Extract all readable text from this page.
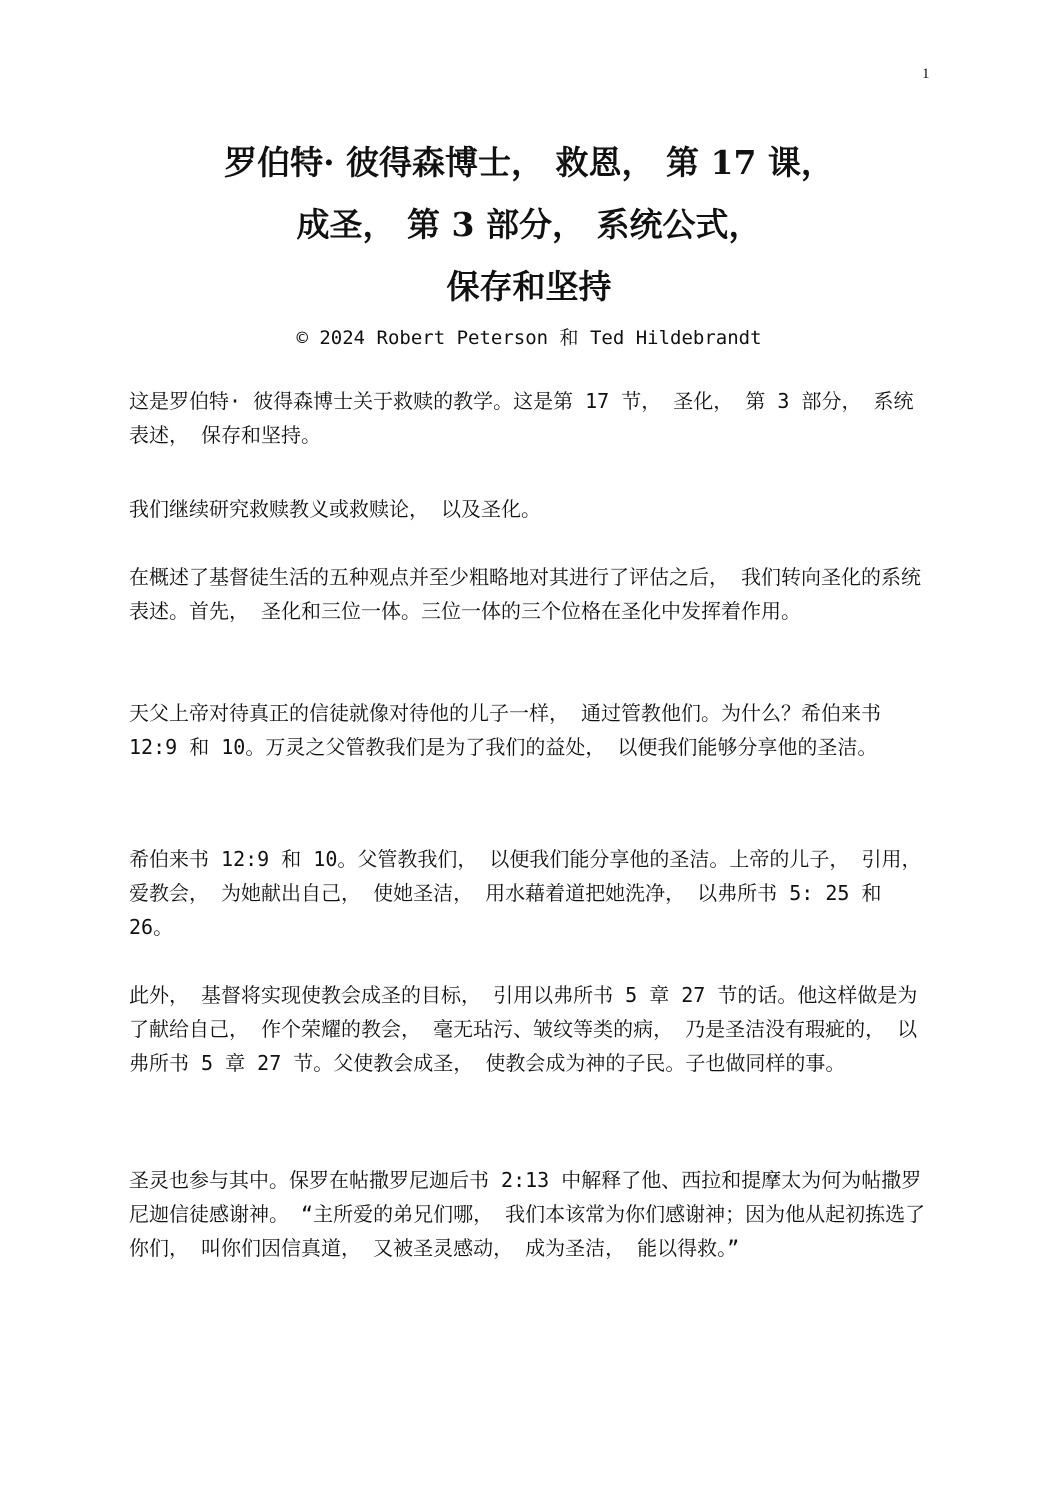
1
罗伯特· 彼得森博士， 救恩， 第 17 课，
成圣， 第 3 部分， 系统公式，
保存和坚持
© 2024 Robert Peterson 和 Ted Hildebrandt

这是罗伯特· 彼得森博士关于救赎的教学。这是第 17 节， 圣化， 第 3 部分， 系统表述， 保存和坚持。

我们继续研究救赎教义或救赎论， 以及圣化。

在概述了基督徒生活的五种观点并至少粗略地对其进行了评估之后， 我们转向圣化的系统表述。首先， 圣化和三位一体。三位一体的三个位格在圣化中发挥着作用。

天父上帝对待真正的信徒就像对待他的儿子一样， 通过管教他们。为什么？希伯来书 12:9 和 10。万灵之父管教我们是为了我们的益处， 以便我们能够分享他的圣洁。

希伯来书 12:9 和 10。父管教我们， 以便我们能分享他的圣洁。上帝的儿子， 引用， 爱教会， 为她献出自己， 使她圣洁， 用水藉着道把她洗净， 以弗所书 5: 25 和 26。

此外， 基督将实现使教会成圣的目标， 引用以弗所书 5 章 27 节的话。他这样做是为了献给自己， 作个荣耀的教会， 毫无玷污、皱纹等类的病， 乃是圣洁没有瑕疵的， 以弗所书 5 章 27 节。父使教会成圣， 使教会成为神的子民。子也做同样的事。

圣灵也参与其中。保罗在帖撒罗尼迦后书 2:13 中解释了他、西拉和提摩太为何为帖撒罗尼迦信徒感谢神。 “主所爱的弟兄们哪， 我们本该常为你们感谢神；因为他从起初拣选了你们， 叫你们因信真道， 又被圣灵感动， 成为圣洁， 能以得救。”
